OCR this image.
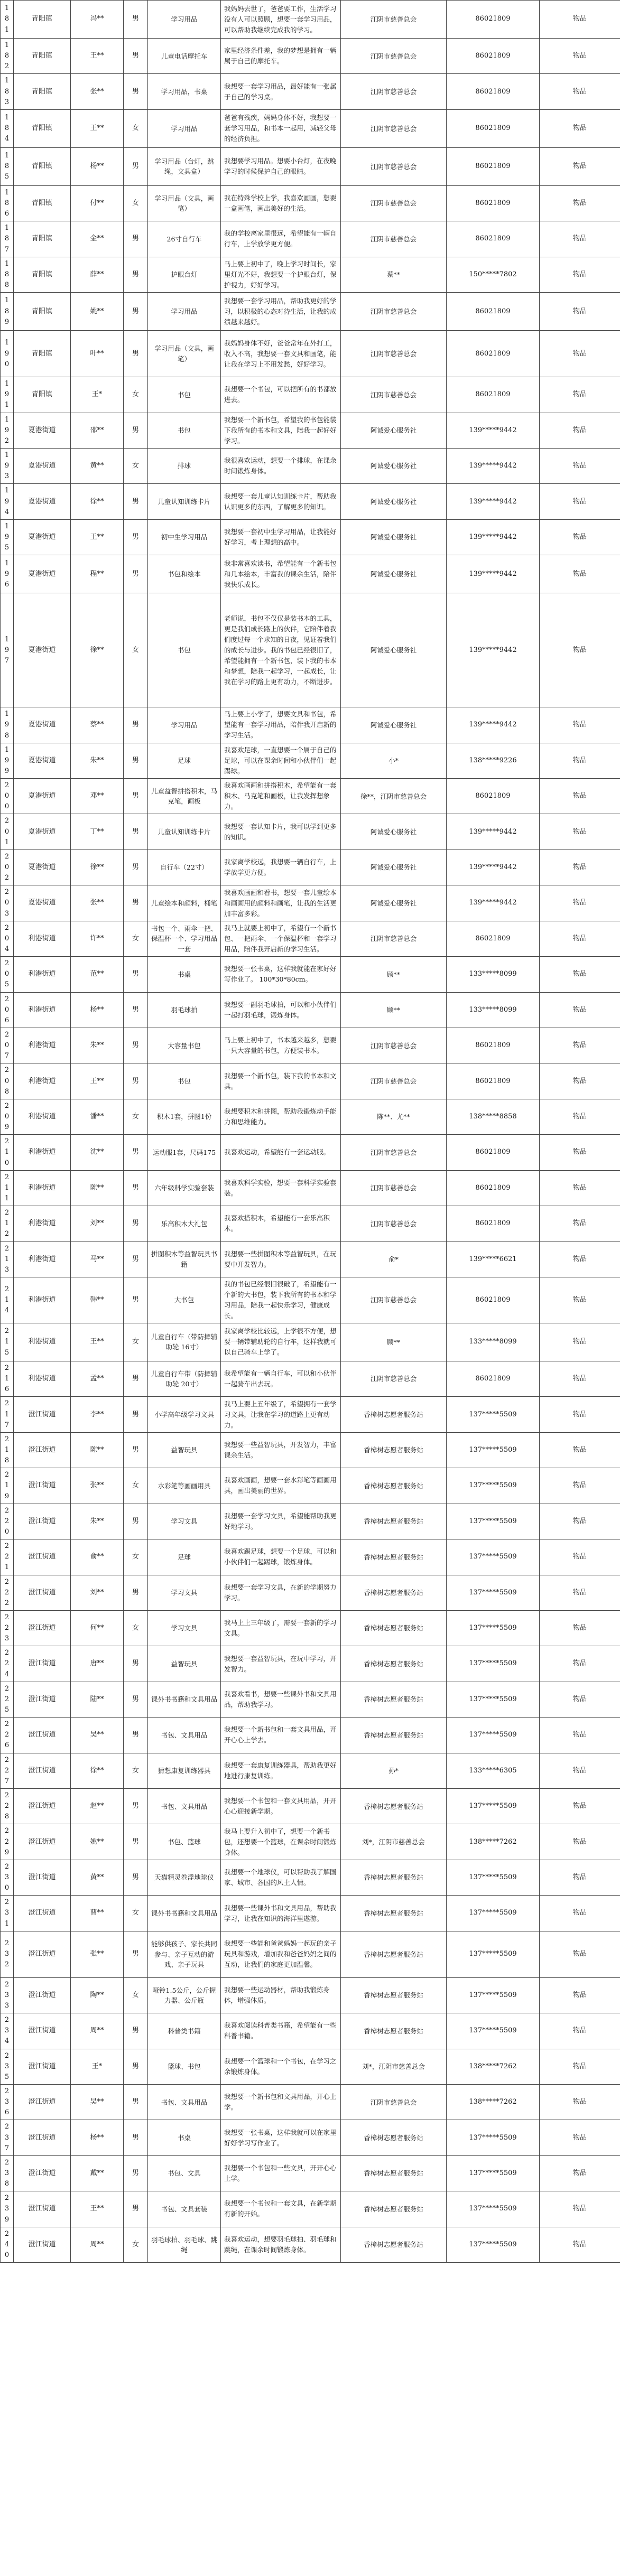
181	青阳镇	冯**	男	学习用品	我妈妈去世了，爸爸要工作，生活学习没有人可以照顾，想要一套学习用品，可以帮助我继续完成我的学习。	江阴市慈善总会	86021809	物品
182	青阳镇	王**	男	儿童电话摩托车	家里经济条件差，我的梦想是拥有一辆属于自己的摩托车。	江阴市慈善总会	86021809	物品
183	青阳镇	张**	男	学习用品，书桌	我想要一套学习用品，最好能有一张属于自己的学习桌。	江阴市慈善总会	86021809	物品
184	青阳镇	王**	女	学习用品	爸爸有残疾，妈妈身体不好，我想要一套学习用品，和书本一起用，减轻父母的经济负担。	江阴市慈善总会	86021809	物品
185	青阳镇	杨**	男	学习用品（台灯，跳绳，文具盒）	我想要学习用品。想要小台灯，在夜晚学习的时候保护自己的眼睛。	江阴市慈善总会	86021809	物品
186	青阳镇	付**	女	学习用品（文具，画笔）	我在特殊学校上学，我喜欢画画，想要一盒画笔，画出美好的生活。	江阴市慈善总会	86021809	物品
187	青阳镇	金**	男	26寸自行车	我的学校离家里很远，希望能有一辆自行车，上学放学更方便。	江阴市慈善总会	86021809	物品
188	青阳镇	薛**	男	护眼台灯	马上要上初中了，晚上学习时间长，家里灯光不好，我想要一个护眼台灯，保护视力，好好学习。	蔡**	150*****7802	物品
189	青阳镇	姚**	男	学习用品	我想要一套学习用品，帮助我更好的学习，以积极的心态对待生活，让我的成绩越来越好。	江阴市慈善总会	86021809	物品
190	青阳镇	叶**	男	学习用品（文具，画笔）	我妈妈身体不好，爸爸常年在外打工，收入不高，我想要一套文具和画笔，能让我在学习上不用发愁，好好学习。	江阴市慈善总会	86021809	物品
191	青阳镇	王*	女	书包	我想要一个书包，可以把所有的书都放进去。	江阴市慈善总会	86021809	物品
192	夏港街道	邵**	男	书包	我想要一个新书包，希望我的书包能装下我所有的书本和文具，陪我一起好好学习。	阿诚爱心服务社	139*****9442	物品
193	夏港街道	黄**	女	排球	我很喜欢运动，想要一个排球，在课余时间锻炼身体。	阿诚爱心服务社	139*****9442	物品
194	夏港街道	徐**	男	儿童认知训练卡片	我想要一套儿童认知训练卡片，帮助我认识更多的东西，了解更多的知识。	阿诚爱心服务社	139*****9442	物品
195	夏港街道	王**	男	初中生学习用品	我想要一套初中生学习用品，让我能好好学习，考上理想的高中。	阿诚爱心服务社	139*****9442	物品
196	夏港街道	程**	男	书包和绘本	我非常喜欢读书，希望能有一个新书包和几本绘本，丰富我的课余生活，陪伴我快乐成长。	阿诚爱心服务社	139*****9442	物品
197	夏港街道	徐**	女	书包	老师说，书包不仅仅是装书本的工具，更是我们成长路上的伙伴，它陪伴着我们度过每一个求知的日夜，见证着我们的成长与进步。我的书包已经很旧了，希望能拥有一个新书包，装下我的书本和梦想，陪我一起学习，一起成长，让我在学习的路上更有动力，不断进步。	阿诚爱心服务社	139*****9442	物品
198	夏港街道	蔡**	男	学习用品	马上要上小学了，想要文具和书包，希望能有一套学习用品，陪伴我开启新的学习生活。	阿诚爱心服务社	139*****9442	物品
199	夏港街道	朱**	男	足球	我喜欢足球，一直想要一个属于自己的足球，可以在课余时间和小伙伴们一起踢球。	小*	138*****9226	物品
200	夏港街道	邓**	男	儿童益智拼搭积木，马克笔，画板	我喜欢画画和拼搭积木，希望能有一套积木、马克笔和画板，让我发挥想象力。	徐**，江阴市慈善总会	86021809	物品
201	夏港街道	丁**	男	儿童认知训练卡片	我想要一套认知卡片，我可以学到更多的知识。	阿诚爱心服务社	139*****9442	物品
202	夏港街道	徐**	男	自行车（22寸）	我家离学校远，我想要一辆自行车，上学放学更方便。	阿诚爱心服务社	139*****9442	物品
203	夏港街道	张**	男	儿童绘本和颜料，桶笔	我喜欢画画和看书，想要一套儿童绘本和画画用的颜料和画笔，让我的生活更加丰富多彩。	阿诚爱心服务社	139*****9442	物品
204	利港街道	许**	女	书包一个、雨伞一把、保温杯一个、学习用品一套	我马上就要上初中了，希望有一个新书包、一把雨伞、一个保温杯和一套学习用品，陪伴我开启新的学习生活。	江阴市慈善总会	86021809	物品
205	利港街道	范**	男	书桌	我想要一张书桌，这样我就能在家好好写作业了。 100*30*80cm。	顾**	133*****8099	物品
206	利港街道	杨**	男	羽毛球拍	我想要一副羽毛球拍，可以和小伙伴们一起打羽毛球，锻炼身体。	顾**	133*****8099	物品
207	利港街道	朱**	男	大容量书包	马上要上初中了，书本越来越多，想要一只大容量的书包，方便装书本。	江阴市慈善总会	86021809	物品
208	利港街道	王**	男	书包	我想要一个新书包，装下我的书本和文具。	江阴市慈善总会	86021809	物品
209	利港街道	潘**	女	积木1套，拼图1份	我想要积木和拼图，帮助我锻炼动手能力和思维能力。	陈**、尤**	138*****8858	物品
210	利港街道	沈**	男	运动服1套，尺码175	我喜欢运动，希望能有一套运动服。	江阴市慈善总会	86021809	物品
211	利港街道	陈**	男	六年级科学实验套装	我喜欢科学实验，想要一套科学实验套装。	江阴市慈善总会	86021809	物品
212	利港街道	刘**	男	乐高积木大礼包	我喜欢搭积木，希望能有一套乐高积木。	江阴市慈善总会	86021809	物品
213	利港街道	马**	男	拼图积木等益智玩具书籍	我想要一些拼图积木等益智玩具，在玩耍中开发智力。	俞*	139*****6621	物品
214	利港街道	韩**	男	大书包	我的书包已经很旧很破了，希望能有一个新的大书包，装下我所有的书本和学习用品，陪我一起快乐学习，健康成长。	江阴市慈善总会	86021809	物品
215	利港街道	王**	女	儿童自行车（带防摔辅助轮 16寸）	我家离学校比较远，上学很不方便，想要一辆带辅助轮的自行车，这样我就可以自己骑车上学了。	顾**	133*****8099	物品
216	利港街道	孟**	男	儿童自行车带（防摔辅助轮 20寸）	我希望能有一辆自行车，可以和小伙伴一起骑车出去玩。	江阴市慈善总会	86021809	物品
217	澄江街道	李**	男	小学高年级学习文具	我马上要上五年级了，希望拥有一套学习文具，让我在学习的道路上更有动力。	香樟树志愿者服务站	137*****5509	物品
218	澄江街道	陈**	男	益智玩具	我想要一些益智玩具，开发智力，丰富课余生活。	香樟树志愿者服务站	137*****5509	物品
219	澄江街道	张**	女	水彩笔等画画用具	我喜欢画画，想要一套水彩笔等画画用具，画出美丽的世界。	香樟树志愿者服务站	137*****5509	物品
220	澄江街道	朱**	男	学习文具	我想要一套学习文具，希望能帮助我更好地学习。	香樟树志愿者服务站	137*****5509	物品
221	澄江街道	俞**	女	足球	我喜欢踢足球，想要一个足球，可以和小伙伴们一起踢球，锻炼身体。	香樟树志愿者服务站	137*****5509	物品
222	澄江街道	刘**	男	学习文具	我想要一套学习文具，在新的学期努力学习。	香樟树志愿者服务站	137*****5509	物品
223	澄江街道	何**	女	学习文具	我马上上三年级了，需要一套新的学习文具。	香樟树志愿者服务站	137*****5509	物品
224	澄江街道	唐**	男	益智玩具	我想要一套益智玩具，在玩中学习，开发智力。	香樟树志愿者服务站	137*****5509	物品
225	澄江街道	陆**	男	课外书书籍和文具用品	我喜欢看书，想要一些课外书和文具用品，帮助我学习。	香樟树志愿者服务站	137*****5509	物品
226	澄江街道	吴**	男	书包、文具用品	我想要一个新书包和一套文具用品，开开心心上学去。	香樟树志愿者服务站	137*****5509	物品
227	澄江街道	徐**	女	猜想康复训练器具	我想要一套康复训练器具，帮助我更好地进行康复训练。	孙*	133*****6305	物品
228	澄江街道	赵**	男	书包、文具用品	我想要一个书包和一套文具用品，开开心心迎接新学期。	香樟树志愿者服务站	137*****5509	物品
229	澄江街道	姚**	男	书包、篮球	我马上要升入初中了，想要一个新书包，还想要一个篮球，在课余时间锻炼身体。	刘*，江阴市慈善总会	138*****7262	物品
230	澄江街道	黄**	男	天猫精灵卷浮地球仪	我想要一个地球仪，可以帮助我了解国家、城市、各国的风土人情。	香樟树志愿者服务站	137*****5509	物品
231	澄江街道	曹**	女	课外书书籍和文具用品	我想要一些课外书和文具用品，帮助我学习，让我在知识的海洋里遨游。	香樟树志愿者服务站	137*****5509	物品
232	澄江街道	张**	男	能够供孩子、家长共同参与、亲子互动的游戏、亲子玩具	我想要一些能和爸爸妈妈一起玩的亲子玩具和游戏，增加我和爸爸妈妈之间的互动，让我们的家庭更加温馨。	香樟树志愿者服务站	137*****5509	物品
233	澄江街道	陶**	女	哑铃1.5公斤，公斤握力器、公斤瓶	我想要一些运动器材，帮助我锻炼身体，增强体质。	香樟树志愿者服务站	137*****5509	物品
234	澄江街道	周**	男	科普类书籍	我喜欢阅读科普类书籍，希望能有一些科普书籍。	香樟树志愿者服务站	137*****5509	物品
235	澄江街道	王*	男	篮球、书包	我想要一个篮球和一个书包，在学习之余锻炼身体。	刘*，江阴市慈善总会	138*****7262	物品
236	澄江街道	吴**	男	书包、文具用品	我想要一个新书包和文具用品，开心上学。	江阴市慈善总会	138*****7262	物品
237	澄江街道	杨**	男	书桌	我想要一张书桌，这样我就可以在家里好好学习写作业了。	香樟树志愿者服务站	137*****5509	物品
238	澄江街道	戴**	男	书包、文具	我想要一个书包和一些文具，开开心心上学。	香樟树志愿者服务站	137*****5509	物品
239	澄江街道	王**	男	书包、文具套装	我想要一个书包和一套文具，在新学期有新的开始。	香樟树志愿者服务站	137*****5509	物品
240	澄江街道	周**	女	羽毛球拍、羽毛球、跳绳	我喜欢运动，想要羽毛球拍、羽毛球和跳绳，在课余时间锻炼身体。	香樟树志愿者服务站	137*****5509	物品
